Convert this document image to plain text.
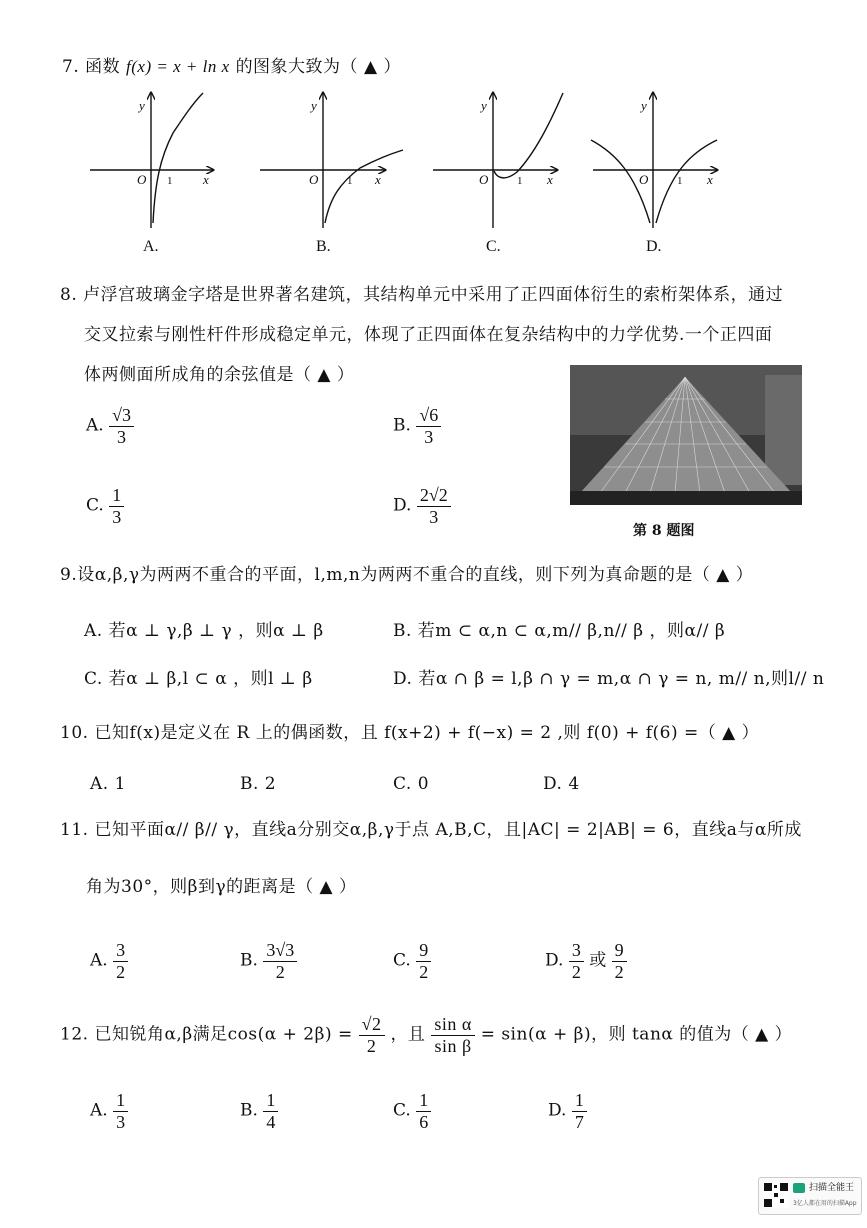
7. 函数 f(x) = x + ln x 的图象大致为（ ▲ ）
y
O 1 x
y
O	1 x
y
O	1 x
y
O	1 x
A.	B.	C.	D.
8. 卢浮宫玻璃金字塔是世界著名建筑，其结构单元中采用了正四面体衍生的索桁架体系，通过
交叉拉索与刚性杆件形成稳定单元，体现了正四面体在复杂结构中的力学优势.一个正四面
体两侧面所成角的余弦值是（ ▲ ）
A. $\frac{√3}{3}$	B. $\frac{√6}{3}$
C. $\frac{1}{3}$	D. $\frac{2√2}{3}$
第 8 题图
9.设α,β,γ为两两不重合的平面，l,m,n为两两不重合的直线，则下列为真命题的是（ ▲ ）
A. 若α ⊥ γ,β ⊥ γ ，则α ⊥ β	B. 若m ⊂ α,n ⊂ α,m// β,n// β ，则α// β
C. 若α ⊥ β,l ⊂ α ，则l ⊥ β	D. 若α ∩ β = l,β ∩ γ = m,α ∩ γ = n, m// n,则l// n
10. 已知f(x)是定义在 R 上的偶函数，且 f(x+2) + f(−x) = 2 ,则 f(0) + f(6) =（ ▲ ）
A. 1	B. 2	C. 0	D. 4
11. 已知平面α// β// γ，直线a分别交α,β,γ于点 A,B,C，且|AC| = 2|AB| = 6，直线a与α所成
角为30°，则β到γ的距离是（ ▲ ）
A. $\frac{3}{2}$	B. $\frac{3√3}{2}$	C. $\frac{9}{2}$	D. $\frac{3}{2}$ 或 $\frac{9}{2}$
12. 已知锐角α,β满足$\cos(\alpha + 2\beta) = \frac{√2}{2}$ ，且 $\frac{\text{sin α}}{\text{sin β}} = \sin(\alpha + \beta)$，则 tanα 的值为（ ▲ ）
A. $\frac{1}{3}$	B. $\frac{1}{4}$	C. $\frac{1}{6}$	D. $\frac{1}{7}$
扫描全能王
3亿人都在用的扫描App
